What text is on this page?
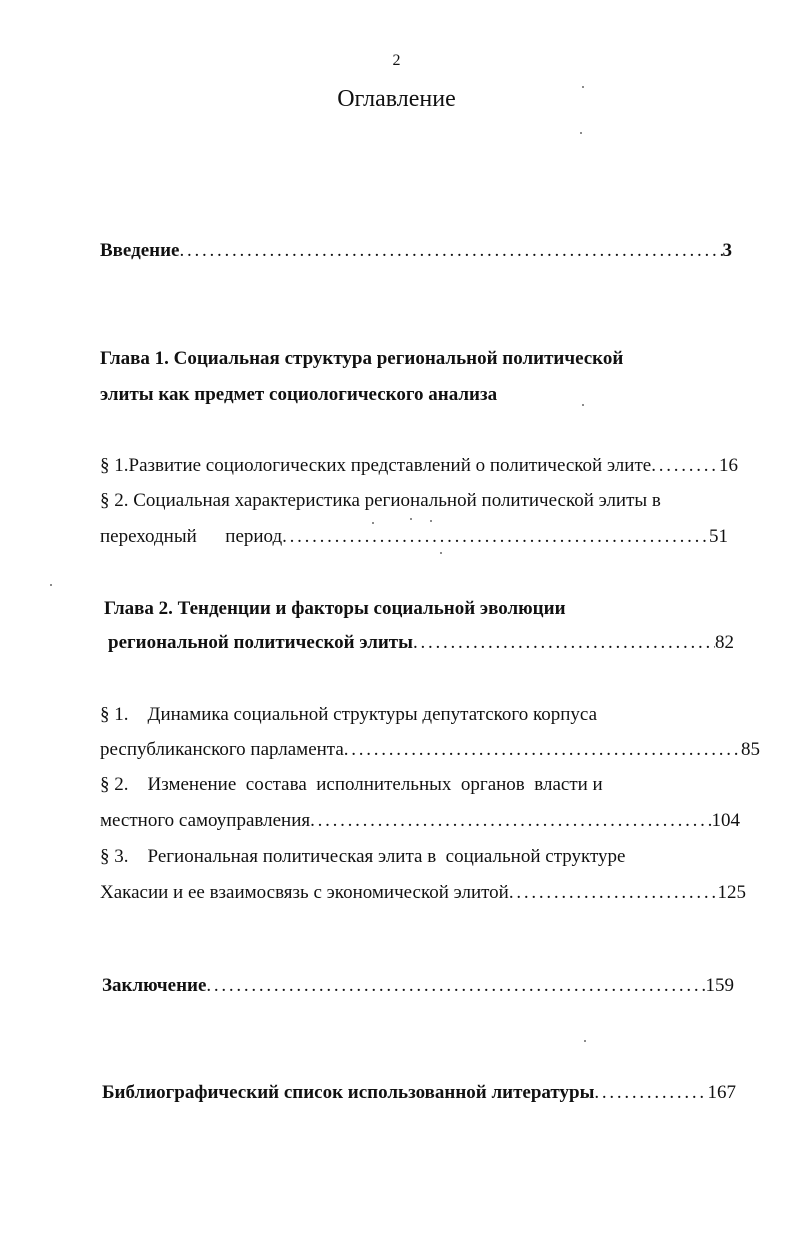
2
Оглавление
Введение . . .	3
Глава 1. Социальная структура региональной политической
элиты как предмет социологического анализа
§ 1.Развитие социологических представлений о политической элите . . .	16
§ 2. Социальная характеристика региональной политической элиты в
переходный      период . . .	51
Глава 2. Тенденции и факторы социальной эволюции
региональной политической элиты . . .	82
§ 1.    Динамика социальной структуры депутатского корпуса
республиканского парламента . . .	85
§ 2.    Изменение  состава  исполнительных  органов  власти и
местного самоуправления . . .	104
§ 3.    Региональная политическая элита в  социальной структуре
Хакасии и ее взаимосвязь с экономической элитой . . .	125
Заключение . . .	159
Библиографический список использованной литературы . . .	167
